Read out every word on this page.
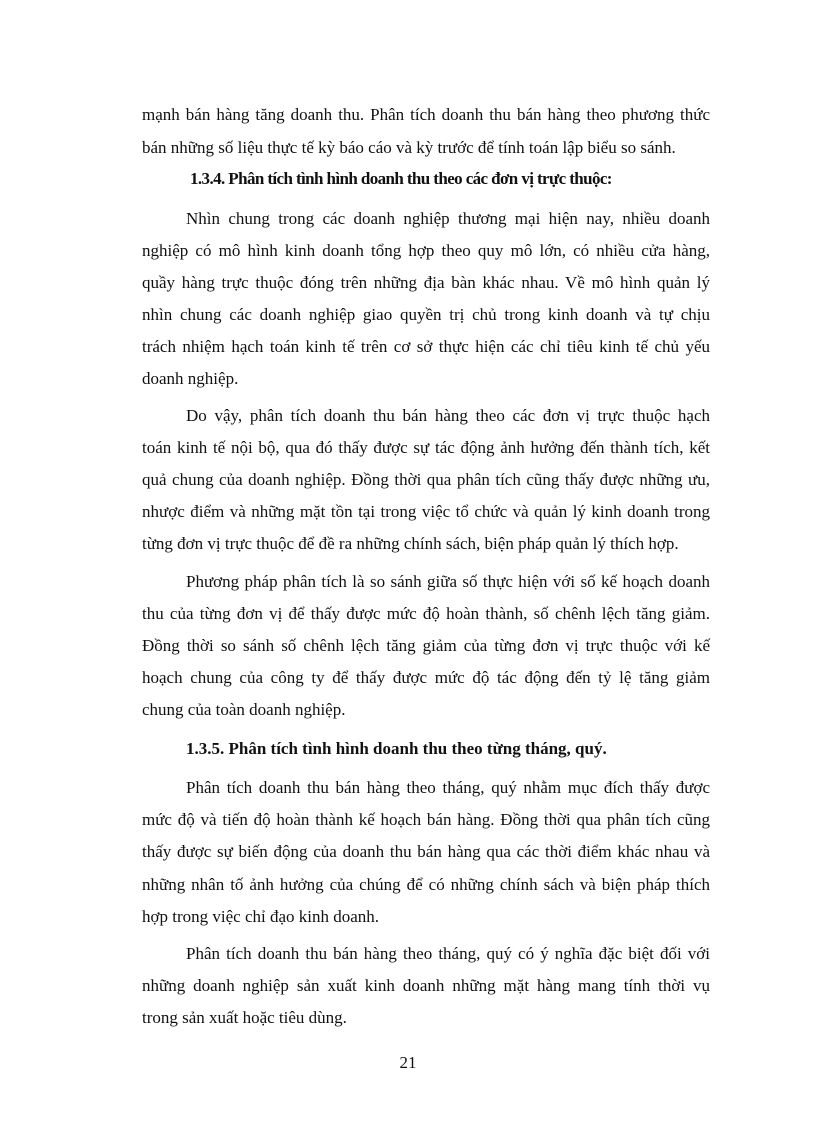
mạnh bán hàng tăng doanh thu. Phân tích doanh thu bán hàng theo phương thức
bán những số liệu thực tế kỳ báo cáo và kỳ trước để tính toán lập biểu so sánh.
1.3.4. Phân tích tình hình doanh thu theo các đơn vị trực thuộc:
Nhìn chung trong các doanh nghiệp thương mại hiện nay, nhiều doanh
nghiệp có mô hình kinh doanh tổng hợp theo quy mô lớn, có nhiều cửa hàng,
quầy hàng trực thuộc đóng trên những địa bàn khác nhau. Về mô hình quản lý
nhìn chung các doanh nghiệp giao quyền trị chủ trong kinh doanh và tự chịu
trách nhiệm hạch toán kinh tế trên cơ sở thực hiện các chỉ tiêu kinh tế chủ yếu
doanh nghiệp.
Do vậy, phân tích doanh thu bán hàng theo các đơn vị trực thuộc hạch
toán kinh tế nội bộ, qua đó thấy được sự tác động ảnh hưởng đến thành tích, kết
quả chung của doanh nghiệp. Đồng thời qua phân tích cũng thấy được những ưu,
nhược điểm và những mặt tồn tại trong việc tổ chức và quản lý kinh doanh trong
từng đơn vị trực thuộc để đề ra những chính sách, biện pháp quản lý thích hợp.
Phương pháp phân tích là so sánh giữa số thực hiện với số kế hoạch doanh
thu của từng đơn vị để thấy được mức độ hoàn thành, số chênh lệch tăng giảm.
Đồng thời so sánh số chênh lệch tăng giảm của từng đơn vị trực thuộc với kế
hoạch chung của công ty để thấy được mức độ tác động đến tỷ lệ tăng giảm
chung của toàn doanh nghiệp.
1.3.5. Phân tích tình hình doanh thu theo từng tháng, quý.
Phân tích doanh thu bán hàng theo tháng, quý nhằm mục đích thấy được
mức độ và tiến độ hoàn thành kế hoạch bán hàng. Đồng thời qua phân tích cũng
thấy được sự biến động của doanh thu bán hàng qua các thời điểm khác nhau và
những nhân tố ảnh hưởng của chúng để có những chính sách và biện pháp thích
hợp trong việc chỉ đạo kinh doanh.
Phân tích doanh thu bán hàng theo tháng, quý có ý nghĩa đặc biệt đối với
những doanh nghiệp sản xuất kinh doanh những mặt hàng mang tính thời vụ
trong sản xuất hoặc tiêu dùng.
21
